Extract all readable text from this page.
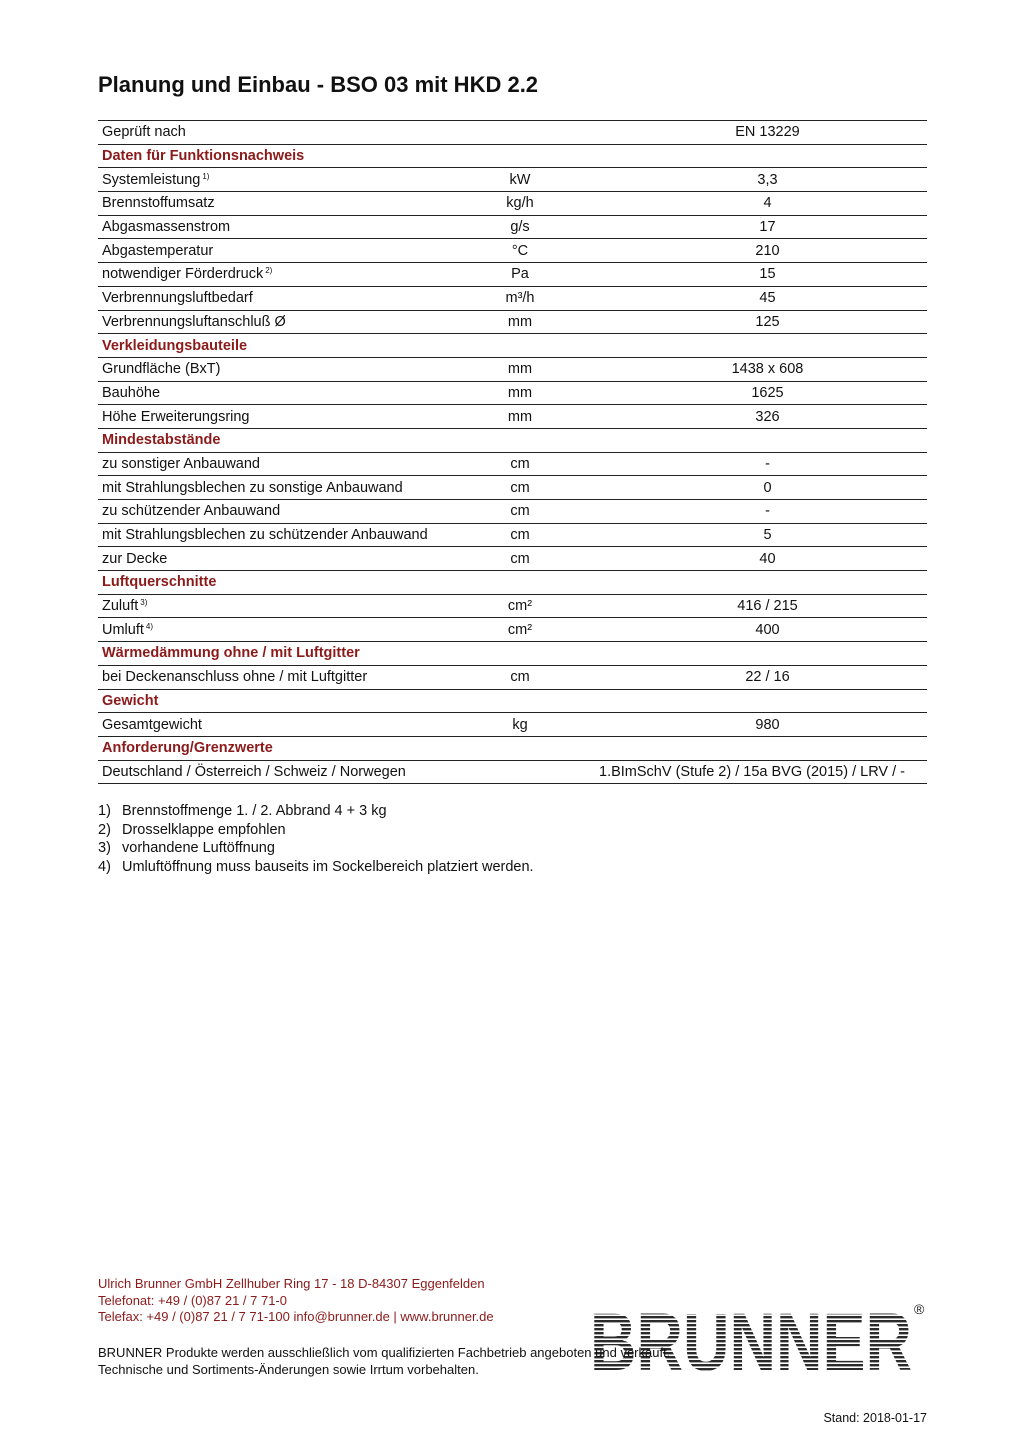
Planung und Einbau - BSO 03 mit HKD 2.2
Geprüft nach	EN 13229
Daten für Funktionsnachweis
Systemleistung $^{1)}$	kW	3,3
Brennstoffumsatz	kg/h	4
Abgasmassenstrom	g/s	17
Abgastemperatur	°C	210
notwendiger Förderdruck $^{2)}$	Pa	15
Verbrennungsluftbedarf	m³/h	45
Verbrennungsluftanschluß Ø	mm	125
Verkleidungsbauteile
Grundfläche (BxT)	mm	1438 x 608
Bauhöhe	mm	1625
Höhe Erweiterungsring	mm	326
Mindestabstände
zu sonstiger Anbauwand	cm	-
mit Strahlungsblechen zu sonstige Anbauwand	cm	0
zu schützender Anbauwand	cm	-
mit Strahlungsblechen zu schützender Anbauwand	cm	5
zur Decke	cm	40
Luftquerschnitte
Zuluft $^{3)}$	cm²	416 / 215
Umluft $^{4)}$	cm²	400
Wärmedämmung ohne / mit Luftgitter
bei Deckenanschluss ohne / mit Luftgitter	cm	22 / 16
Gewicht
Gesamtgewicht	kg	980
Anforderung/Grenzwerte
Deutschland / Österreich / Schweiz / Norwegen	1.BImSchV (Stufe 2) / 15a BVG (2015) / LRV / -
1) Brennstoffmenge 1. / 2. Abbrand 4 + 3 kg
2) Drosselklappe empfohlen
3) vorhandene Luftöffnung
4) Umluftöffnung muss bauseits im Sockelbereich platziert werden.
Ulrich Brunner GmbH Zellhuber Ring 17 - 18 D-84307 Eggenfelden
Telefonat: +49 / (0)87 21 / 7 71-0
Telefax: +49 / (0)87 21 / 7 71-100 info@brunner.de | www.brunner.de BRUNNER ®
BRUNNER Produkte werden ausschließlich vom qualifizierten Fachbetrieb angeboten und verkauft.
Technische und Sortiments-Änderungen sowie Irrtum vorbehalten.
Stand: 2018-01-17
